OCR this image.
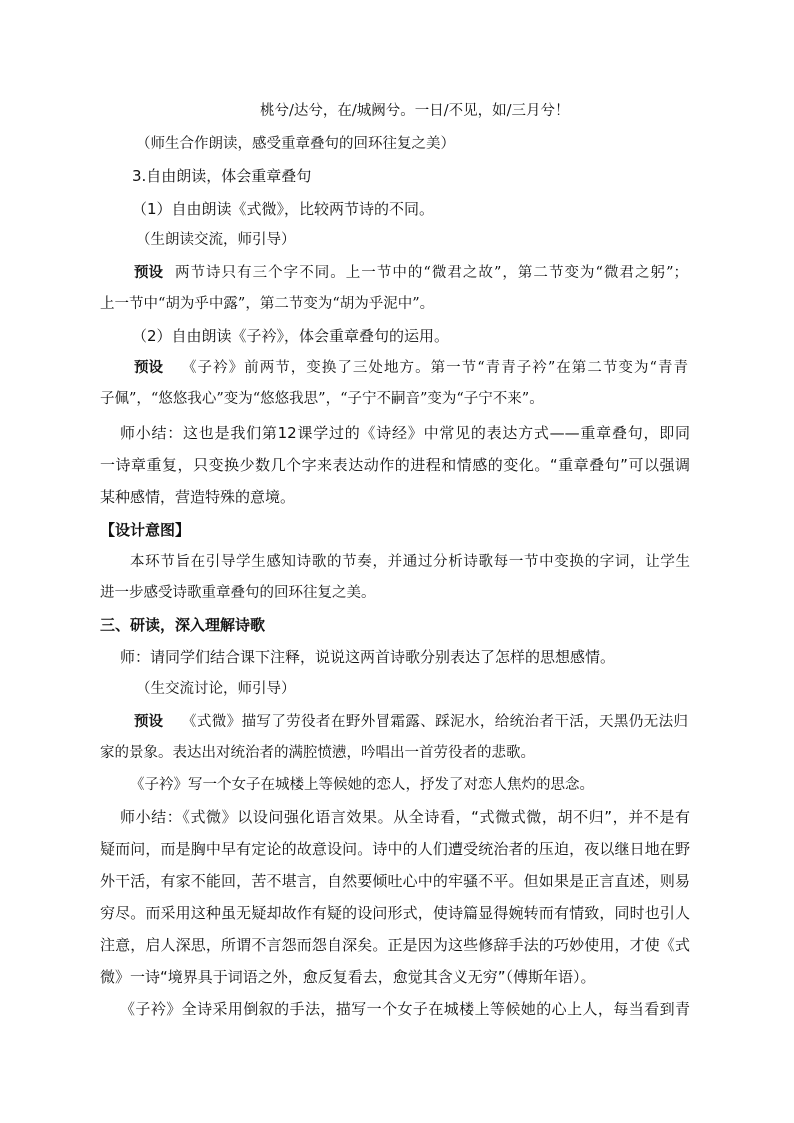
桃兮/达兮，在/城阙兮。一日/不见，如/三月兮！
（师生合作朗读，感受重章叠句的回环往复之美）
3.自由朗读，体会重章叠句
（1）自由朗读《式微》，比较两节诗的不同。
（生朗读交流，师引导）
预设 两节诗只有三个字不同。上一节中的“微君之故”，第二节变为“微君之躬”；
上一节中“胡为乎中露”，第二节变为“胡为乎泥中”。
（2）自由朗读《子衿》，体会重章叠句的运用。
预设 《子衿》前两节，变换了三处地方。第一节“青青子衿”在第二节变为“青青
子佩”，“悠悠我心”变为“悠悠我思”，“子宁不嗣音”变为“子宁不来”。
师小结：这也是我们第12课学过的《诗经》中常见的表达方式——重章叠句，即同
一诗章重复，只变换少数几个字来表达动作的进程和情感的变化。“重章叠句”可以强调
某种感情，营造特殊的意境。
【设计意图】
本环节旨在引导学生感知诗歌的节奏，并通过分析诗歌每一节中变换的字词，让学生
进一步感受诗歌重章叠句的回环往复之美。
三、研读，深入理解诗歌
师：请同学们结合课下注释，说说这两首诗歌分别表达了怎样的思想感情。
（生交流讨论，师引导）
预设 《式微》描写了劳役者在野外冒霜露、踩泥水，给统治者干活，天黑仍无法归
家的景象。表达出对统治者的满腔愤懑，吟唱出一首劳役者的悲歌。
《子衿》写一个女子在城楼上等候她的恋人，抒发了对恋人焦灼的思念。
师小结：《式微》以设问强化语言效果。从全诗看，“式微式微，胡不归”，并不是有
疑而问，而是胸中早有定论的故意设问。诗中的人们遭受统治者的压迫，夜以继日地在野
外干活，有家不能回，苦不堪言，自然要倾吐心中的牢骚不平。但如果是正言直述，则易
穷尽。而采用这种虽无疑却故作有疑的设问形式，使诗篇显得婉转而有情致，同时也引人
注意，启人深思，所谓不言怨而怨自深矣。正是因为这些修辞手法的巧妙使用，才使《式
微》一诗“境界具于词语之外，愈反复看去，愈觉其含义无穷”（傅斯年语）。
《子衿》全诗采用倒叙的手法，描写一个女子在城楼上等候她的心上人，每当看到青
